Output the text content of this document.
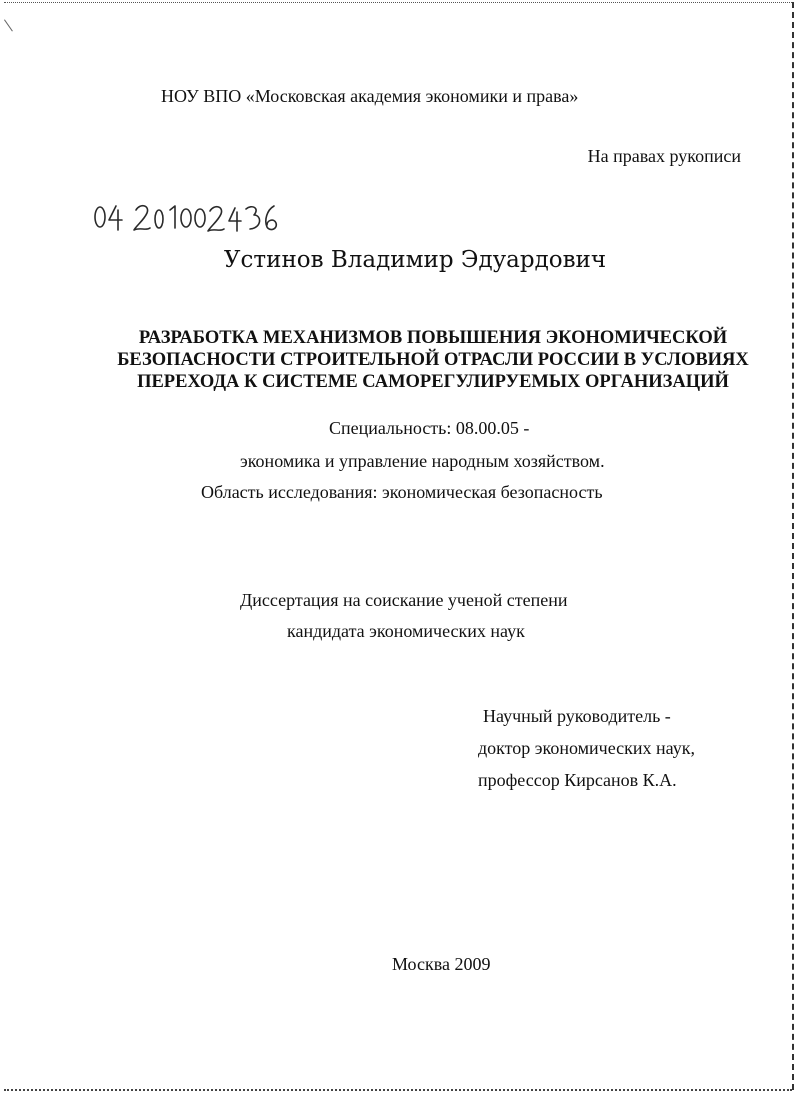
НОУ ВПО «Московская академия экономики и права»
На правах рукописи
Устинов Владимир Эдуардович
РАЗРАБОТКА МЕХАНИЗМОВ ПОВЫШЕНИЯ ЭКОНОМИЧЕСКОЙ
БЕЗОПАСНОСТИ СТРОИТЕЛЬНОЙ ОТРАСЛИ РОССИИ В УСЛОВИЯХ
ПЕРЕХОДА К СИСТЕМЕ САМОРЕГУЛИРУЕМЫХ ОРГАНИЗАЦИЙ
Специальность: 08.00.05 -
экономика и управление народным хозяйством.
Область исследования: экономическая безопасность
Диссертация на соискание ученой степени
кандидата экономических наук
Научный руководитель -
доктор экономических наук,
профессор Кирсанов К.А.
Москва 2009
